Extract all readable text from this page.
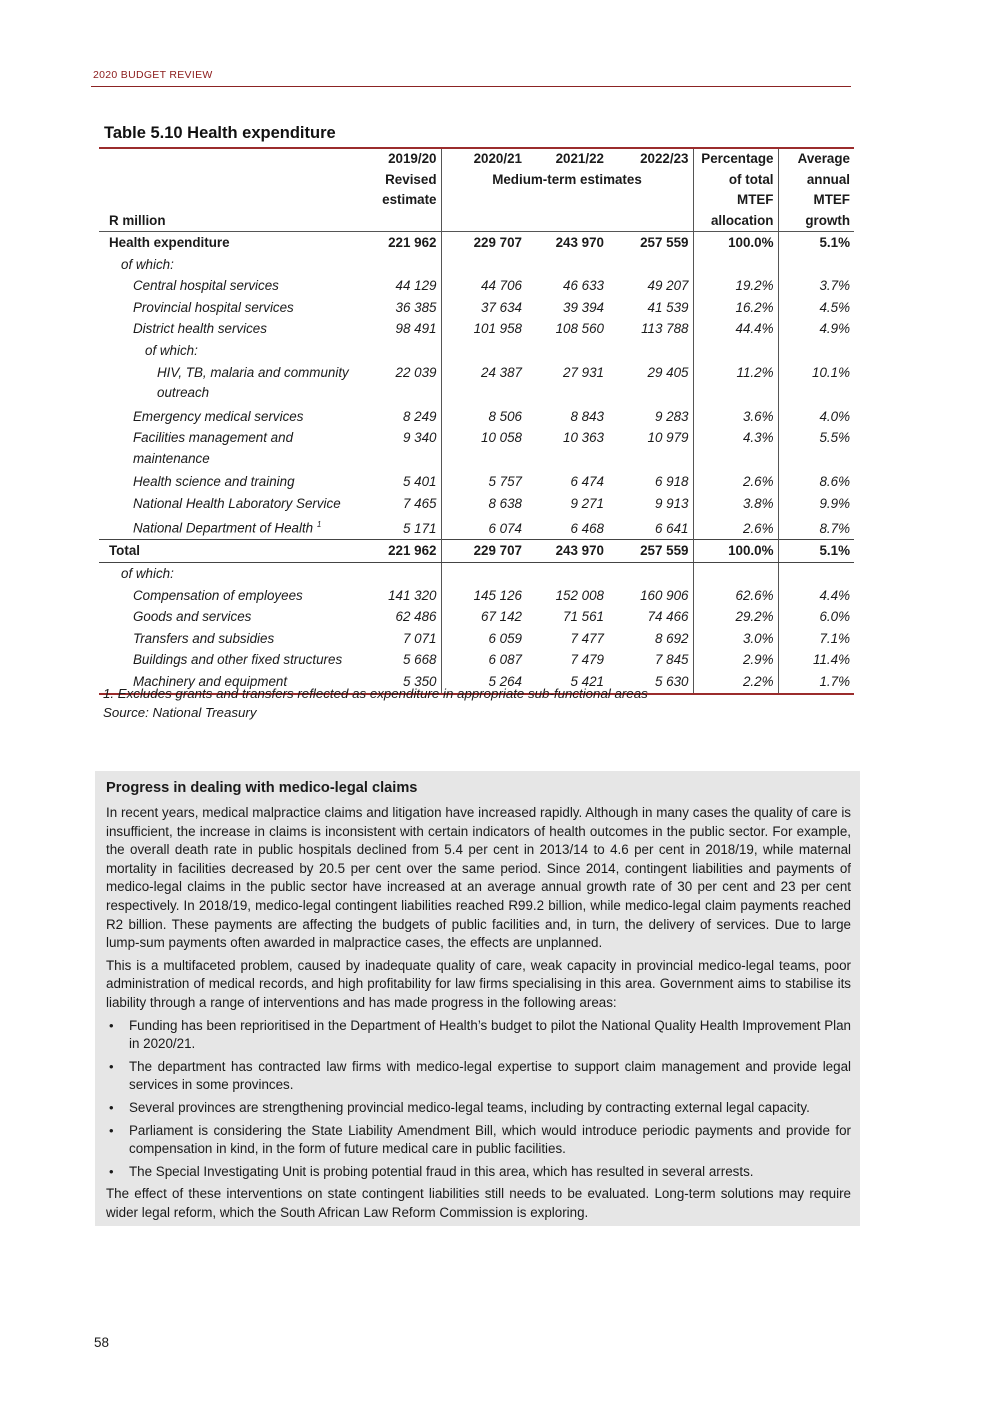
2020 BUDGET REVIEW
Table 5.10 Health expenditure
	2019/20	2020/21	2021/22	2022/23	Percentage	Average
	Revised	Medium-term estimates			of total	annual
	estimate				MTEF	MTEF
R million					allocation	growth
Health expenditure	221 962	229 707	243 970	257 559	100.0%	5.1%
of which:						
Central hospital services	44 129	44 706	46 633	49 207	19.2%	3.7%
Provincial hospital services	36 385	37 634	39 394	41 539	16.2%	4.5%
District health services	98 491	101 958	108 560	113 788	44.4%	4.9%
of which:						
HIV, TB, malaria and community outreach	22 039	24 387	27 931	29 405	11.2%	10.1%
Emergency medical services	8 249	8 506	8 843	9 283	3.6%	4.0%
Facilities management and maintenance	9 340	10 058	10 363	10 979	4.3%	5.5%
Health science and training	5 401	5 757	6 474	6 918	2.6%	8.6%
National Health Laboratory Service	7 465	8 638	9 271	9 913	3.8%	9.9%
National Department of Health $^1$	5 171	6 074	6 468	6 641	2.6%	8.7%
Total	221 962	229 707	243 970	257 559	100.0%	5.1%
of which:						
Compensation of employees	141 320	145 126	152 008	160 906	62.6%	4.4%
Goods and services	62 486	67 142	71 561	74 466	29.2%	6.0%
Transfers and subsidies	7 071	6 059	7 477	8 692	3.0%	7.1%
Buildings and other fixed structures	5 668	6 087	7 479	7 845	2.9%	11.4%
Machinery and equipment	5 350	5 264	5 421	5 630	2.2%	1.7%
1. Excludes grants and transfers reflected as expenditure in appropriate sub-functional areas
Source: National Treasury
Progress in dealing with medico-legal claims

In recent years, medical malpractice claims and litigation have increased rapidly. Although in many cases the quality of care is insufficient, the increase in claims is inconsistent with certain indicators of health outcomes in the public sector. For example, the overall death rate in public hospitals declined from 5.4 per cent in 2013/14 to 4.6 per cent in 2018/19, while maternal mortality in facilities decreased by 20.5 per cent over the same period. Since 2014, contingent liabilities and payments of medico-legal claims in the public sector have increased at an average annual growth rate of 30 per cent and 23 per cent respectively. In 2018/19, medico-legal contingent liabilities reached R99.2 billion, while medico-legal claim payments reached R2 billion. These payments are affecting the budgets of public facilities and, in turn, the delivery of services. Due to large lump-sum payments often awarded in malpractice cases, the effects are unplanned.

This is a multifaceted problem, caused by inadequate quality of care, weak capacity in provincial medico-legal teams, poor administration of medical records, and high profitability for law firms specialising in this area. Government aims to stabilise its liability through a range of interventions and has made progress in the following areas:

• Funding has been reprioritised in the Department of Health’s budget to pilot the National Quality Health Improvement Plan in 2020/21.
• The department has contracted law firms with medico-legal expertise to support claim management and provide legal services in some provinces.
• Several provinces are strengthening provincial medico-legal teams, including by contracting external legal capacity.
• Parliament is considering the State Liability Amendment Bill, which would introduce periodic payments and provide for compensation in kind, in the form of future medical care in public facilities.
• The Special Investigating Unit is probing potential fraud in this area, which has resulted in several arrests.

The effect of these interventions on state contingent liabilities still needs to be evaluated. Long-term solutions may require wider legal reform, which the South African Law Reform Commission is exploring.

58
